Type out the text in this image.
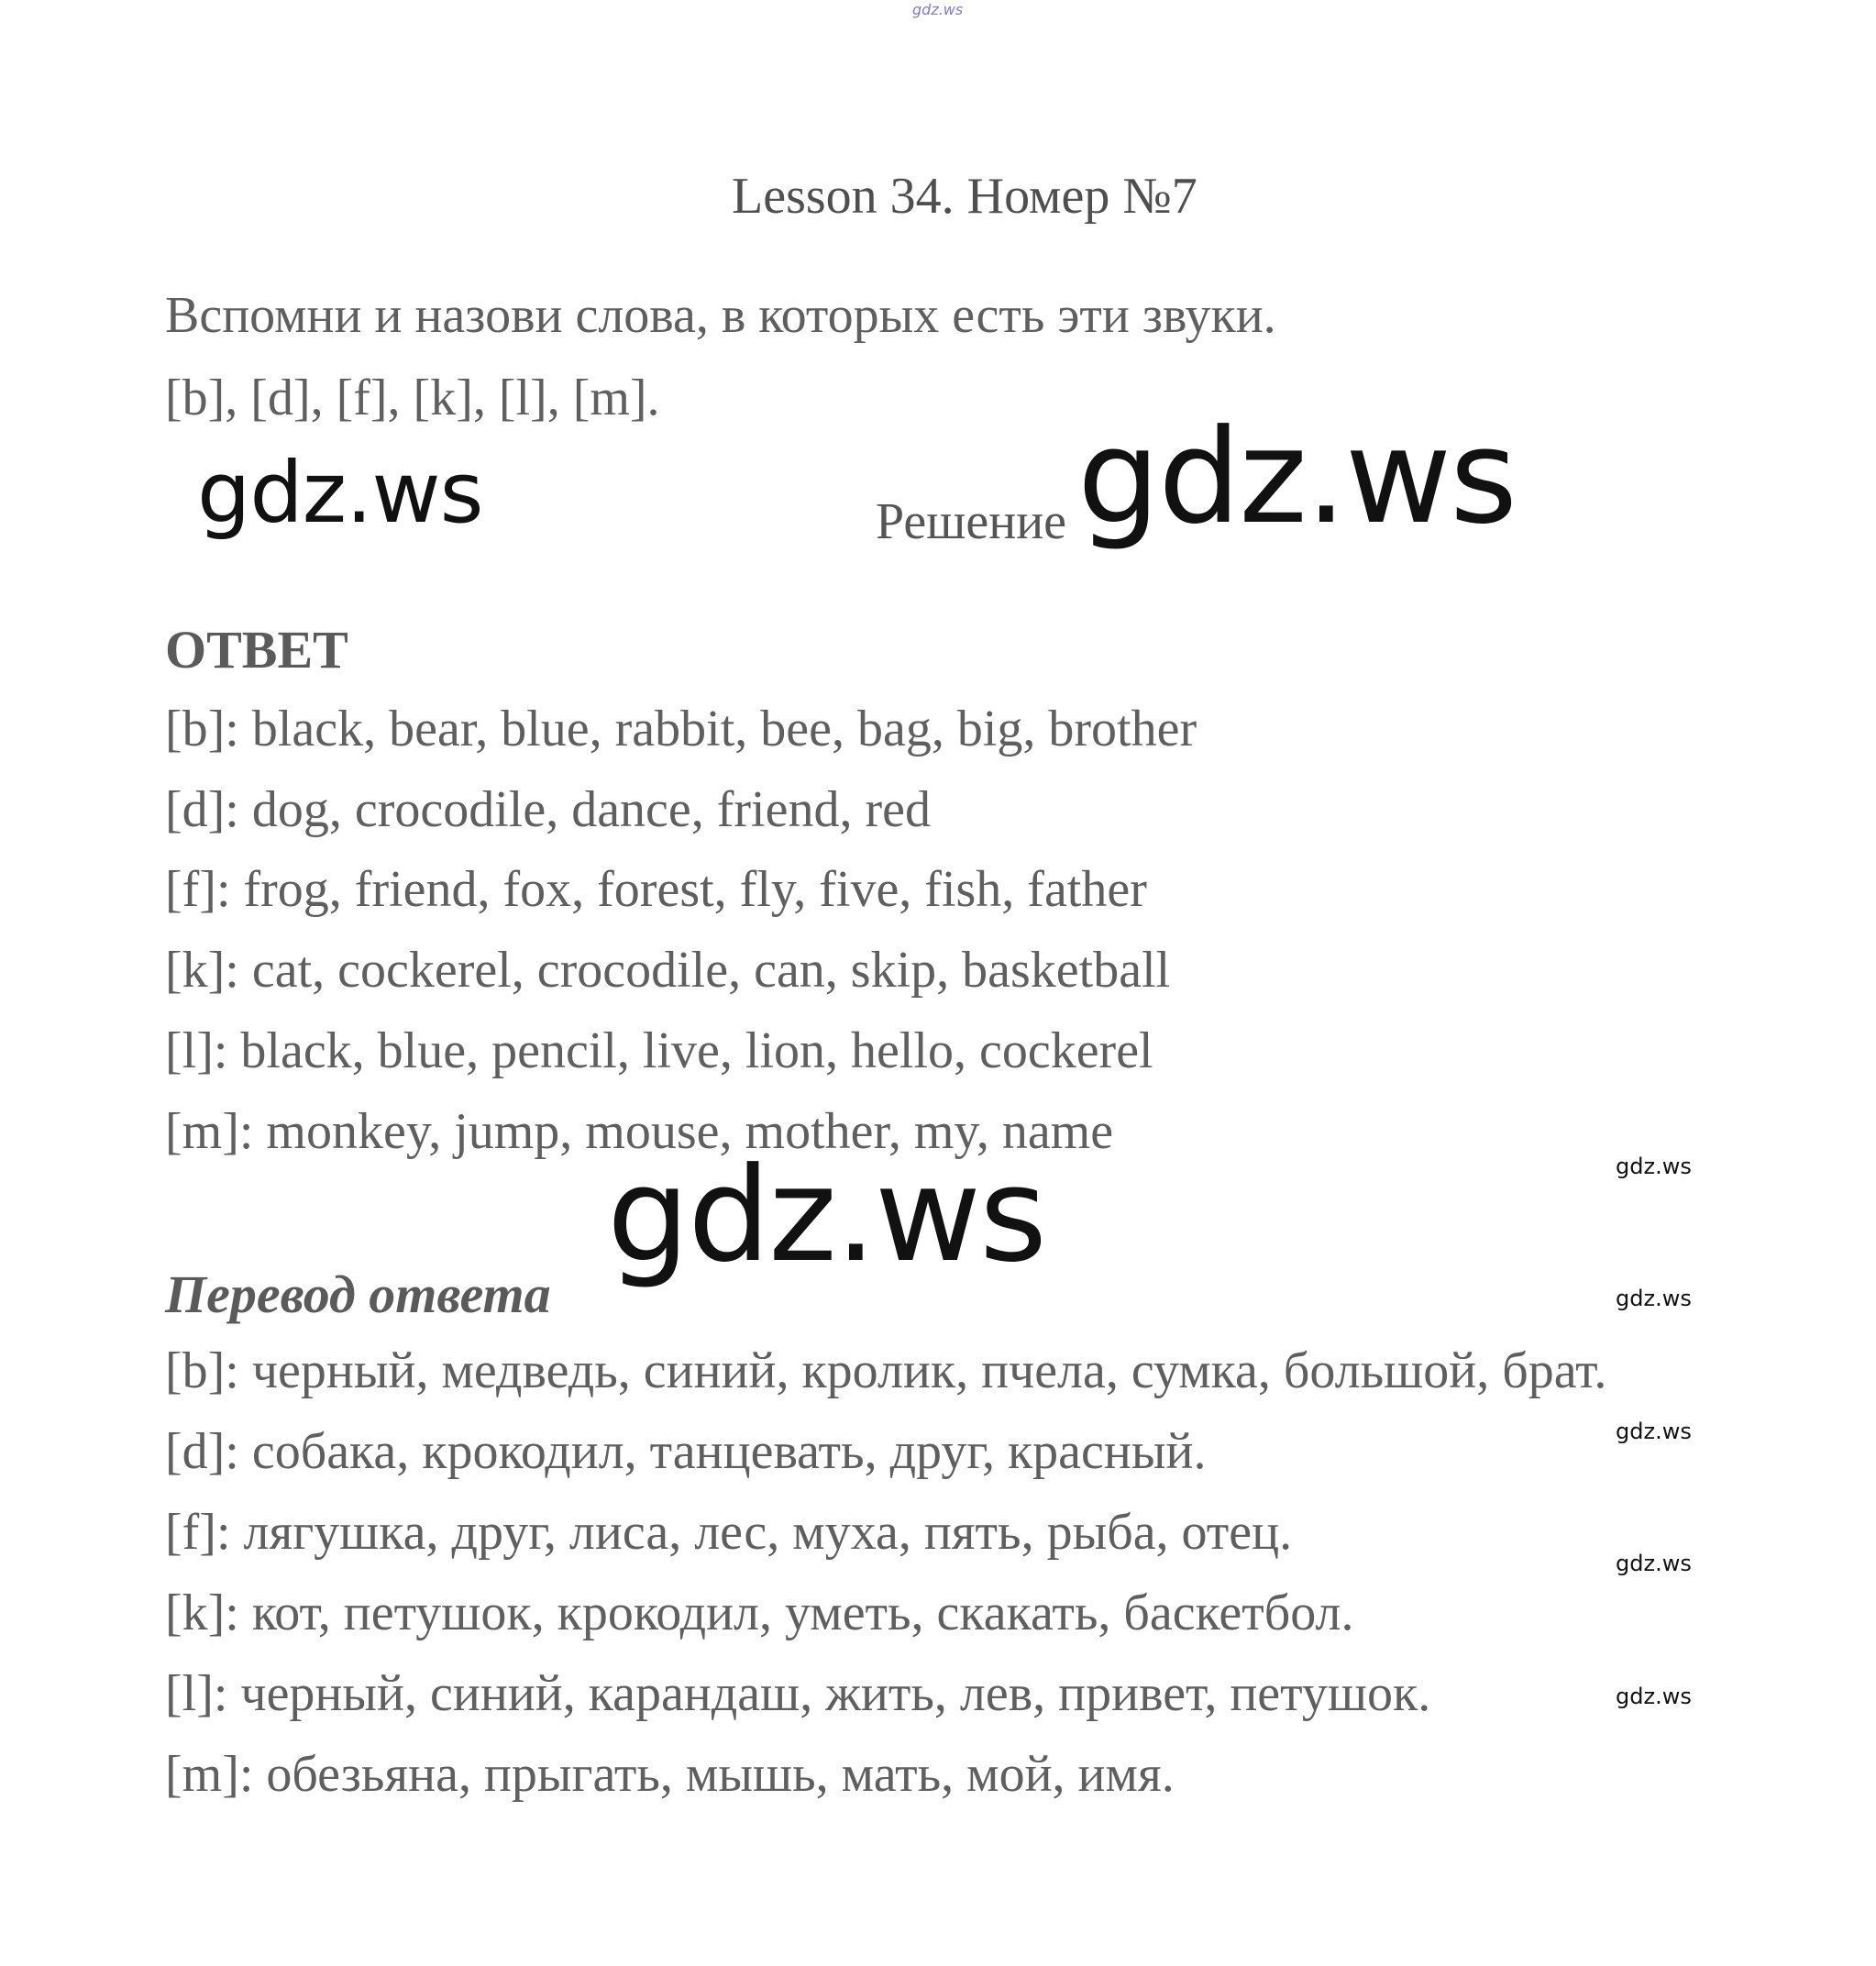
gdz.ws
Lesson 34. Номер №7
Вспомни и назови слова, в которых есть эти звуки.
[b], [d], [f], [k], [l], [m].
gdz.ws	Решение gdz.ws
ОТВЕТ
[b]: black, bear, blue, rabbit, bee, bag, big, brother
[d]: dog, crocodile, dance, friend, red
[f]: frog, friend, fox, forest, fly, five, fish, father
[k]: cat, cockerel, crocodile, can, skip, basketball
[l]: black, blue, pencil, live, lion, hello, cockerel
[m]: monkey, jump, mouse, mother, my, name
gdz.ws
gdz.ws
Перевод ответа	gdz.ws
[b]: черный, медведь, синий, кролик, пчела, сумка, большой, брат.
gdz.ws
[d]: собака, крокодил, танцевать, друг, красный.
[f]: лягушка, друг, лиса, лес, муха, пять, рыба, отец.
gdz.ws
[k]: кот, петушок, крокодил, уметь, скакать, баскетбол.
[l]: черный, синий, карандаш, жить, лев, привет, петушок.	gdz.ws
[m]: обезьяна, прыгать, мышь, мать, мой, имя.
